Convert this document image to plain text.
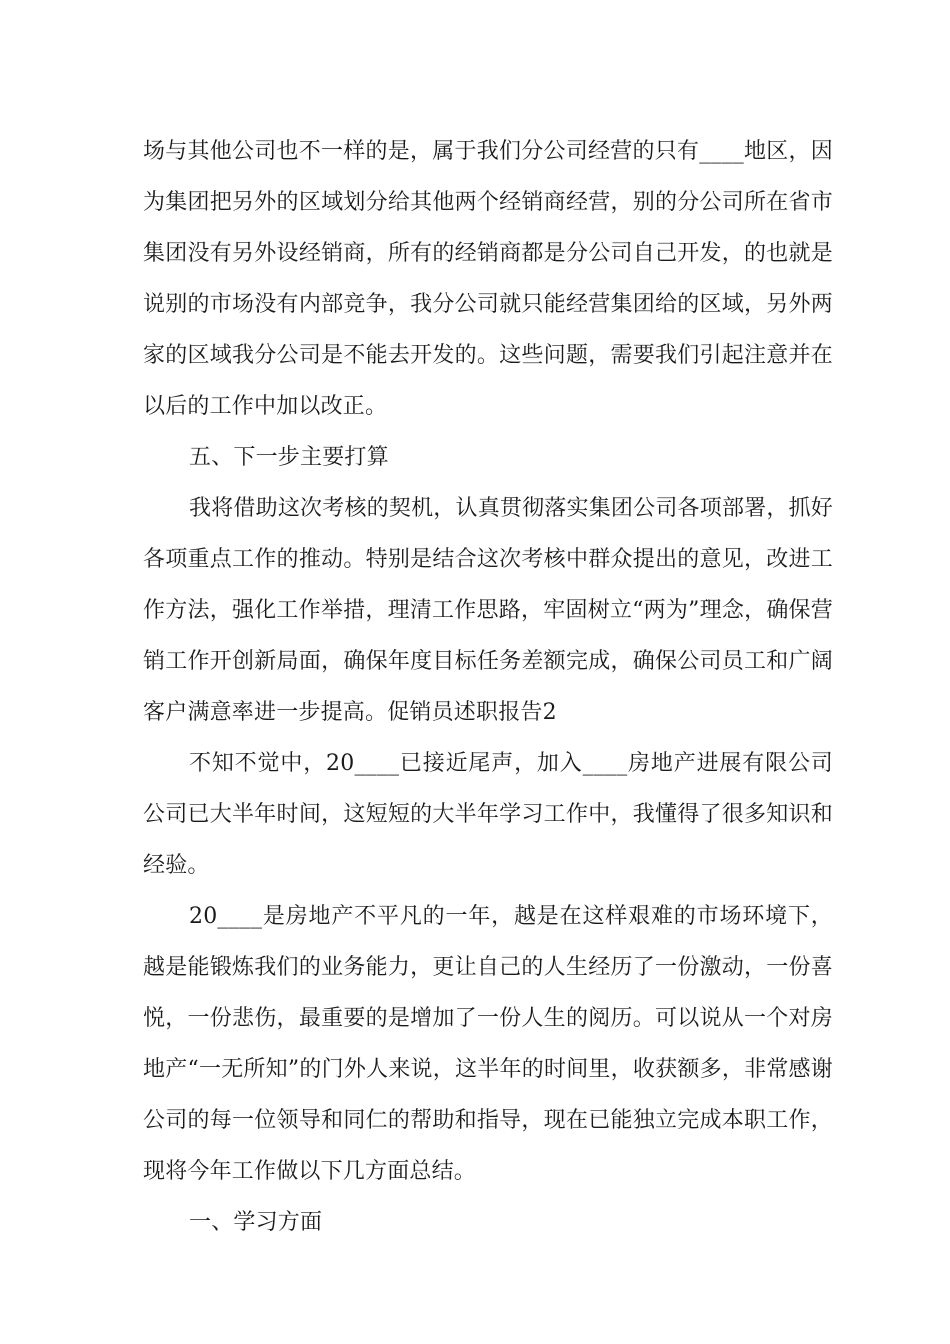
场与其他公司也不一样的是，属于我们分公司经营的只有____地区，因为集团把另外的区域划分给其他两个经销商经营，别的分公司所在省市集团没有另外设经销商，所有的经销商都是分公司自己开发，的也就是说别的市场没有内部竞争，我分公司就只能经营集团给的区域，另外两家的区域我分公司是不能去开发的。这些问题，需要我们引起注意并在以后的工作中加以改正。

五、下一步主要打算

我将借助这次考核的契机，认真贯彻落实集团公司各项部署，抓好各项重点工作的推动。特别是结合这次考核中群众提出的意见，改进工作方法，强化工作举措，理清工作思路，牢固树立“两为”理念，确保营销工作开创新局面，确保年度目标任务差额完成，确保公司员工和广阔客户满意率进一步提高。促销员述职报告2

不知不觉中，20____已接近尾声，加入____房地产进展有限公司公司已大半年时间，这短短的大半年学习工作中，我懂得了很多知识和经验。

20____是房地产不平凡的一年，越是在这样艰难的市场环境下，越是能锻炼我们的业务能力，更让自己的人生经历了一份激动，一份喜悦，一份悲伤，最重要的是增加了一份人生的阅历。可以说从一个对房地产“一无所知”的门外人来说，这半年的时间里，收获额多，非常感谢公司的每一位领导和同仁的帮助和指导，现在已能独立完成本职工作，现将今年工作做以下几方面总结。

一、学习方面
